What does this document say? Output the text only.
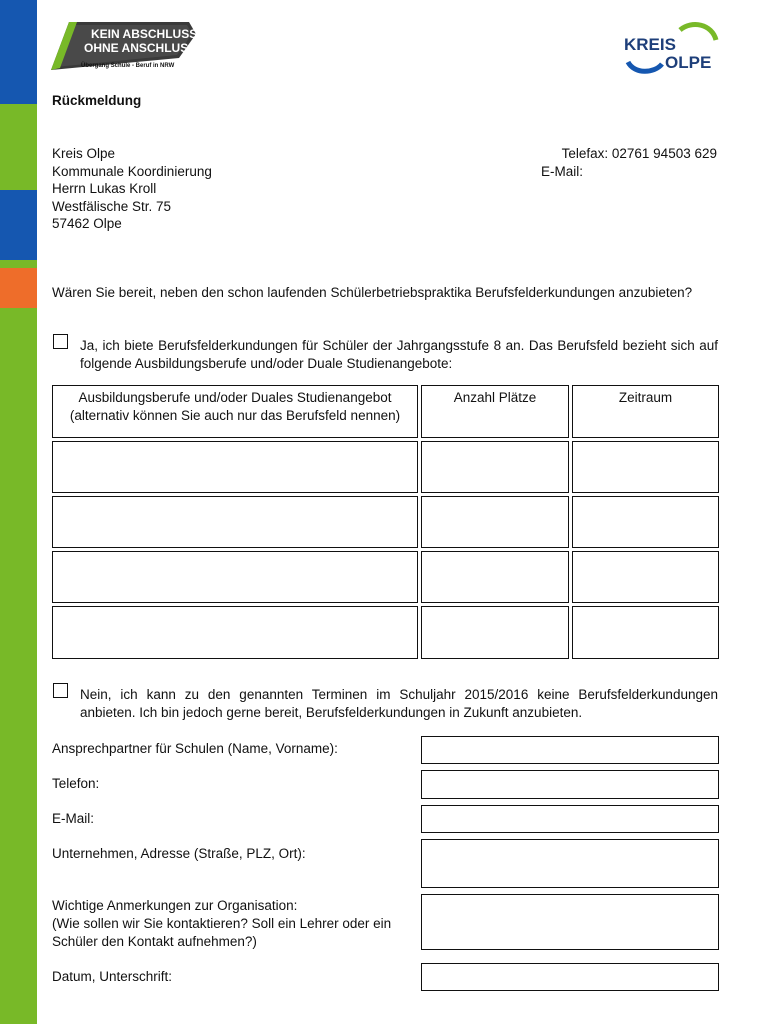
KEIN ABSCHLUSS
OHNE ANSCHLUSS
Übergang Schule - Beruf in NRW
KREIS
OLPE
Rückmeldung
Kreis Olpe
Kommunale Koordinierung
Herrn Lukas Kroll
Westfälische Str. 75
57462 Olpe
Telefax: 02761 94503 629
E-Mail:
Wären Sie bereit, neben den schon laufenden Schülerbetriebspraktika Berufsfelderkundungen anzubieten?
Ja, ich biete Berufsfelderkundungen für Schüler der Jahrgangsstufe 8 an. Das Berufsfeld bezieht sich auf folgende Ausbildungsberufe und/oder Duale Studienangebote:
Ausbildungsberufe und/oder Duales Studienangebot (alternativ können Sie auch nur das Berufsfeld nennen)
Anzahl Plätze	Zeitraum
Nein, ich kann zu den genannten Terminen im Schuljahr 2015/2016 keine Berufsfelderkundungen anbieten. Ich bin jedoch gerne bereit, Berufsfelderkundungen in Zukunft anzubieten.
Ansprechpartner für Schulen (Name, Vorname):
Telefon:
E-Mail:
Unternehmen, Adresse (Straße, PLZ, Ort):
Wichtige Anmerkungen zur Organisation:
(Wie sollen wir Sie kontaktieren? Soll ein Lehrer oder ein Schüler den Kontakt aufnehmen?)
Datum, Unterschrift:
